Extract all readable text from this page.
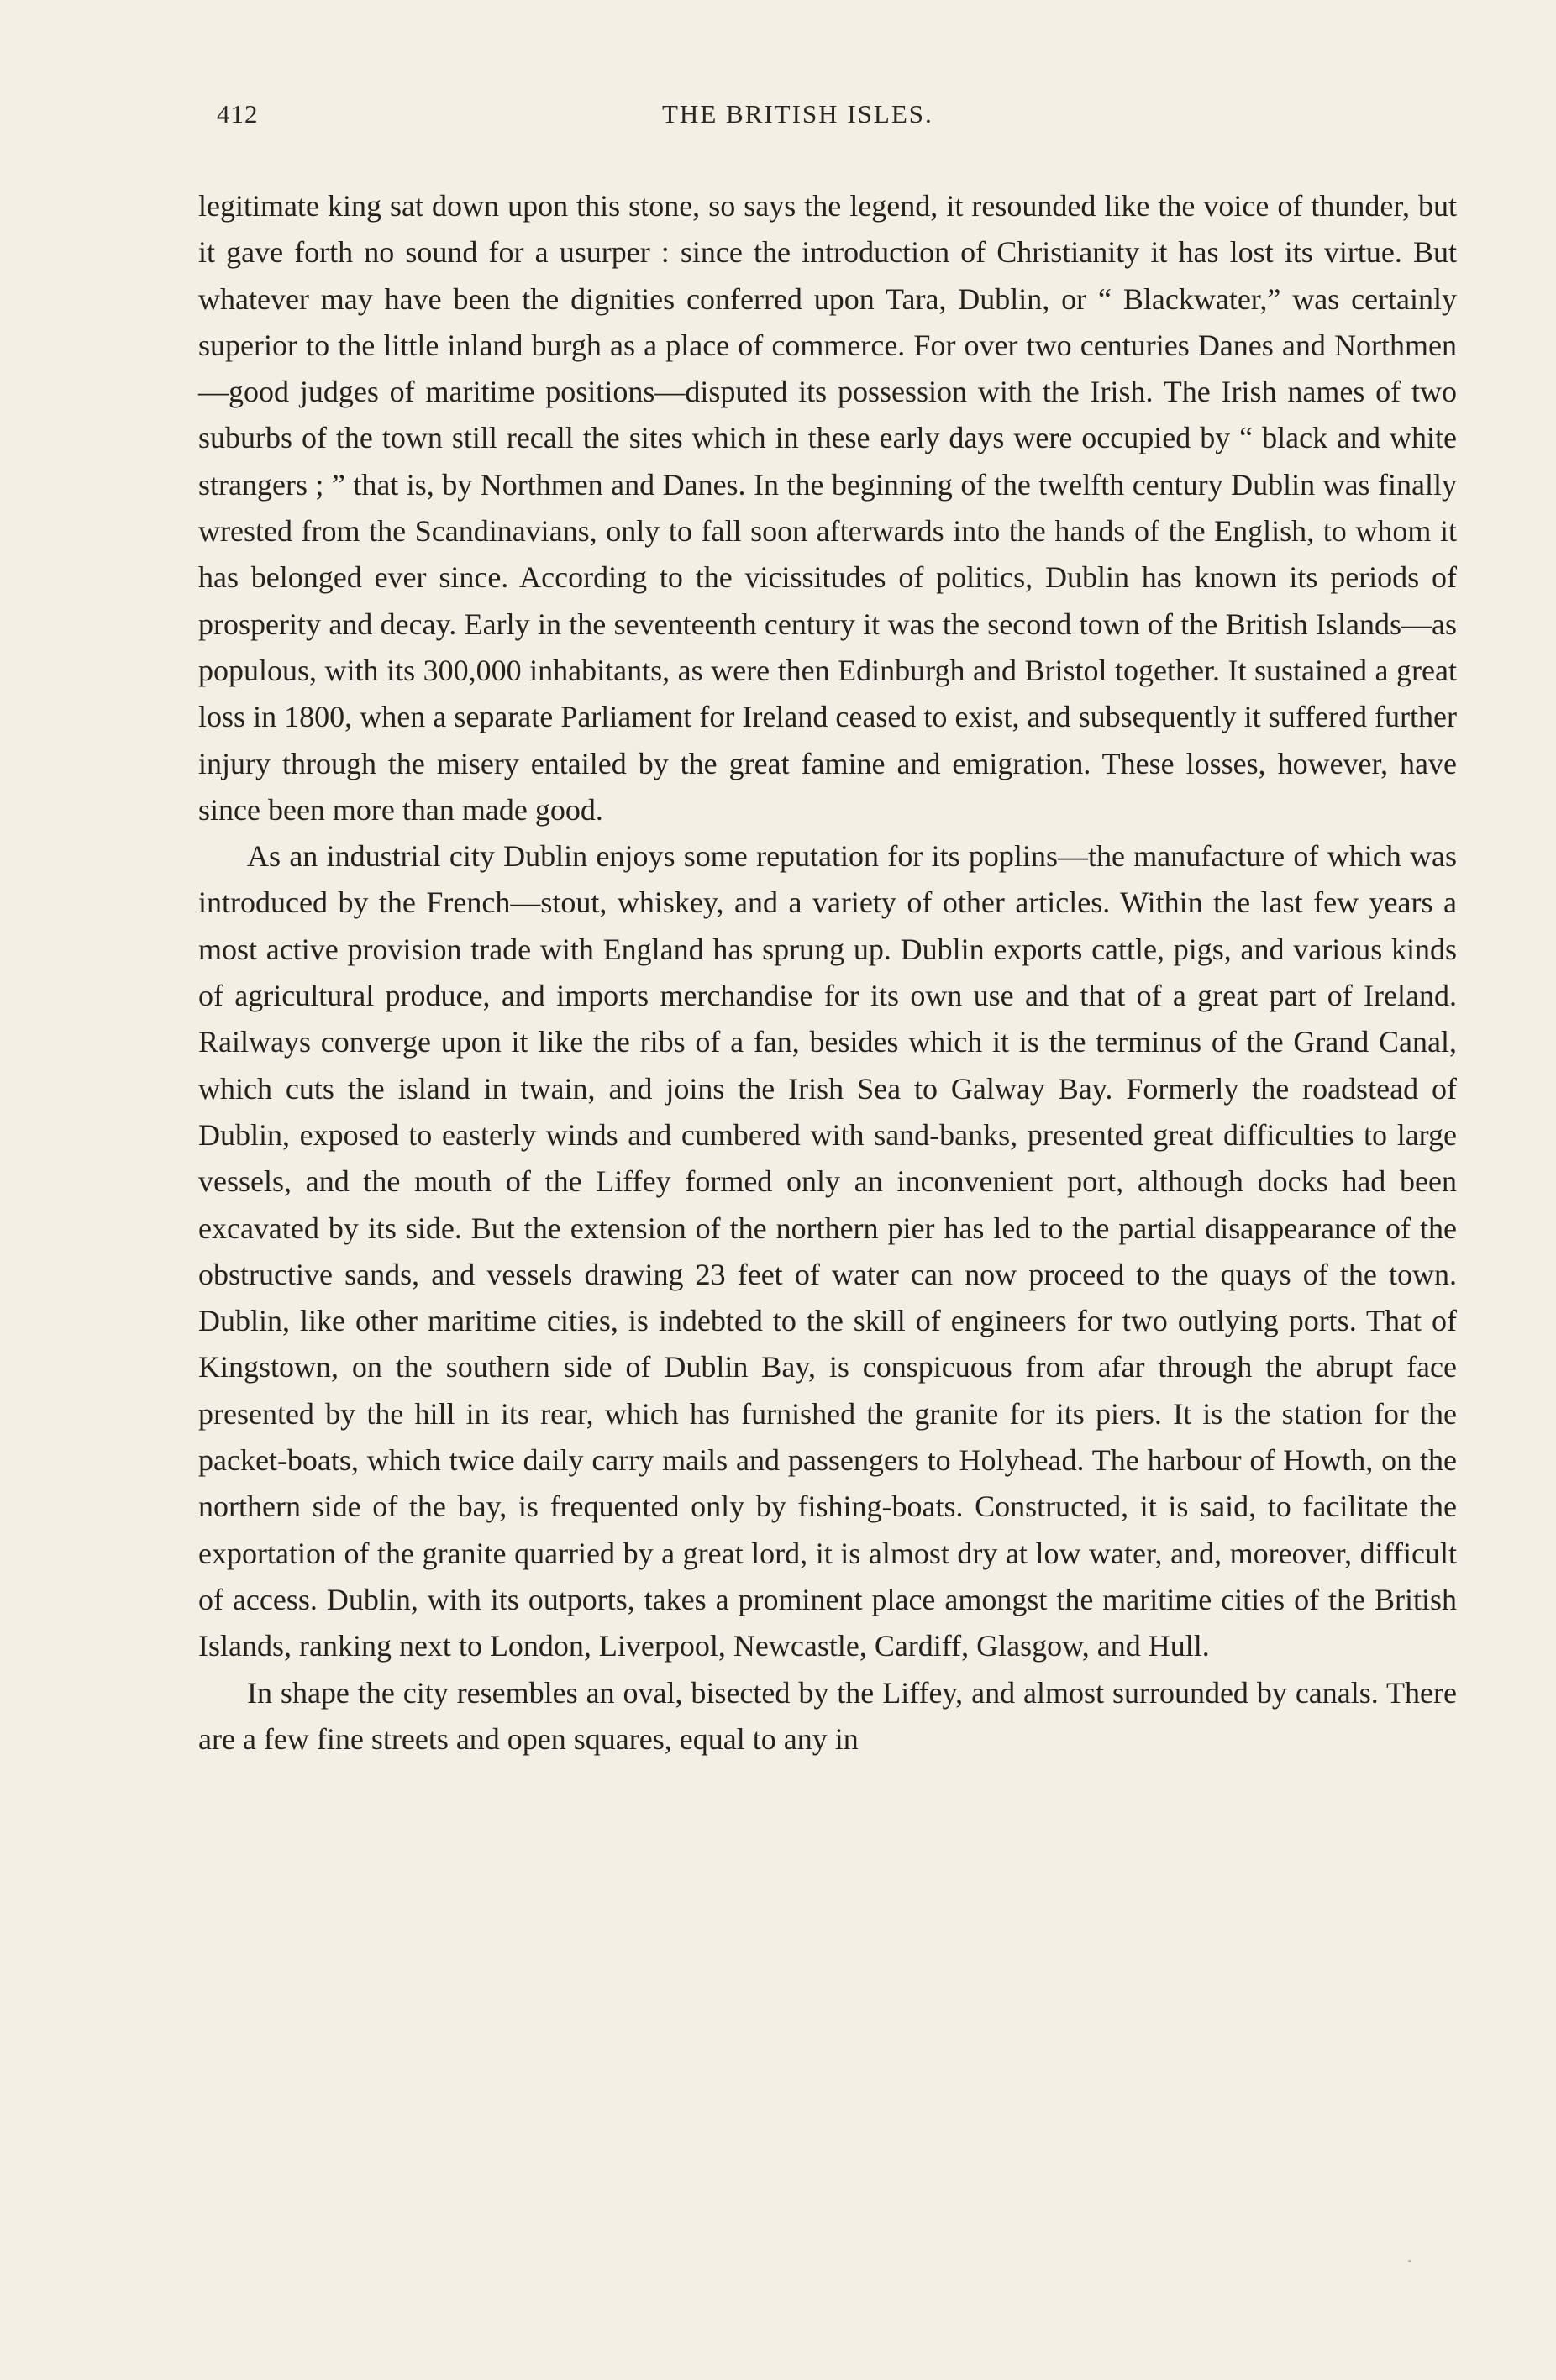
412	THE BRITISH ISLES.

legitimate king sat down upon this stone, so says the legend, it resounded like the voice of thunder, but it gave forth no sound for a usurper : since the introduction of Christianity it has lost its virtue. But whatever may have been the dignities conferred upon Tara, Dublin, or “ Blackwater,” was certainly superior to the little inland burgh as a place of commerce. For over two centuries Danes and Northmen—good judges of maritime positions—disputed its possession with the Irish. The Irish names of two suburbs of the town still recall the sites which in these early days were occupied by “ black and white strangers ; ” that is, by Northmen and Danes. In the beginning of the twelfth century Dublin was finally wrested from the Scandinavians, only to fall soon afterwards into the hands of the English, to whom it has belonged ever since. According to the vicissitudes of politics, Dublin has known its periods of prosperity and decay. Early in the seventeenth century it was the second town of the British Islands—as populous, with its 300,000 inhabitants, as were then Edinburgh and Bristol together. It sustained a great loss in 1800, when a separate Parliament for Ireland ceased to exist, and subsequently it suffered further injury through the misery entailed by the great famine and emigration. These losses, however, have since been more than made good.

As an industrial city Dublin enjoys some reputation for its poplins—the manufacture of which was introduced by the French—stout, whiskey, and a variety of other articles. Within the last few years a most active provision trade with England has sprung up. Dublin exports cattle, pigs, and various kinds of agricultural produce, and imports merchandise for its own use and that of a great part of Ireland. Railways converge upon it like the ribs of a fan, besides which it is the terminus of the Grand Canal, which cuts the island in twain, and joins the Irish Sea to Galway Bay. Formerly the roadstead of Dublin, exposed to easterly winds and cumbered with sand-banks, presented great difficulties to large vessels, and the mouth of the Liffey formed only an inconvenient port, although docks had been excavated by its side. But the extension of the northern pier has led to the partial disappearance of the obstructive sands, and vessels drawing 23 feet of water can now proceed to the quays of the town. Dublin, like other maritime cities, is indebted to the skill of engineers for two outlying ports. That of Kingstown, on the southern side of Dublin Bay, is conspicuous from afar through the abrupt face presented by the hill in its rear, which has furnished the granite for its piers. It is the station for the packet-boats, which twice daily carry mails and passengers to Holyhead. The harbour of Howth, on the northern side of the bay, is frequented only by fishing-boats. Constructed, it is said, to facilitate the exportation of the granite quarried by a great lord, it is almost dry at low water, and, moreover, difficult of access. Dublin, with its outports, takes a prominent place amongst the maritime cities of the British Islands, ranking next to London, Liverpool, Newcastle, Cardiff, Glasgow, and Hull.

In shape the city resembles an oval, bisected by the Liffey, and almost surrounded by canals. There are a few fine streets and open squares, equal to any in
